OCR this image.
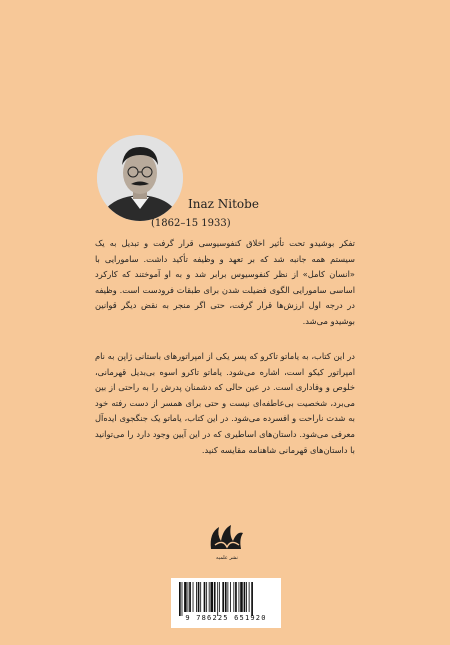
Inaz Nitobe
(1862–15 1933)

تفکر بوشیدو تحت تأثیر اخلاق کنفوسیوسی قرار گرفت و تبدیل به یک سیستم همه جانبه شد که بر تعهد و وظیفه تأکید داشت. سامورایی با «انسان کامل» از نظر کنفوسیوس برابر شد و به او آموختند که کارکرد اساسی سامورایی الگوی فضیلت شدن برای طبقات فرودست است. وظیفه در درجه اول ارزش‌ها قرار گرفت، حتی اگر منجر به نقض دیگر قوانین بوشیدو می‌شد.

در این کتاب، به یاماتو تاکرو که پسر یکی از امپراتورهای باستانی ژاپن به نام امپراتور کیکو است، اشاره می‌شود. یاماتو تاکرو اسوه بی‌بدیل قهرمانی، خلوص و وفاداری است. در عین حالی که دشمنان پدرش را به راحتی از بین می‌برد، شخصیت بی‌عاطفه‌ای نیست و حتی برای همسر از دست رفته خود به شدت ناراحت و افسرده می‌شود. در این کتاب، یاماتو یک جنگجوی ایده‌آل معرفی می‌شود. داستان‌های اساطیری که در این آیین وجود دارد را می‌توانید با داستان‌های قهرمانی شاهنامه مقایسه کنید.

نشر علمیه
9 786225 651920
